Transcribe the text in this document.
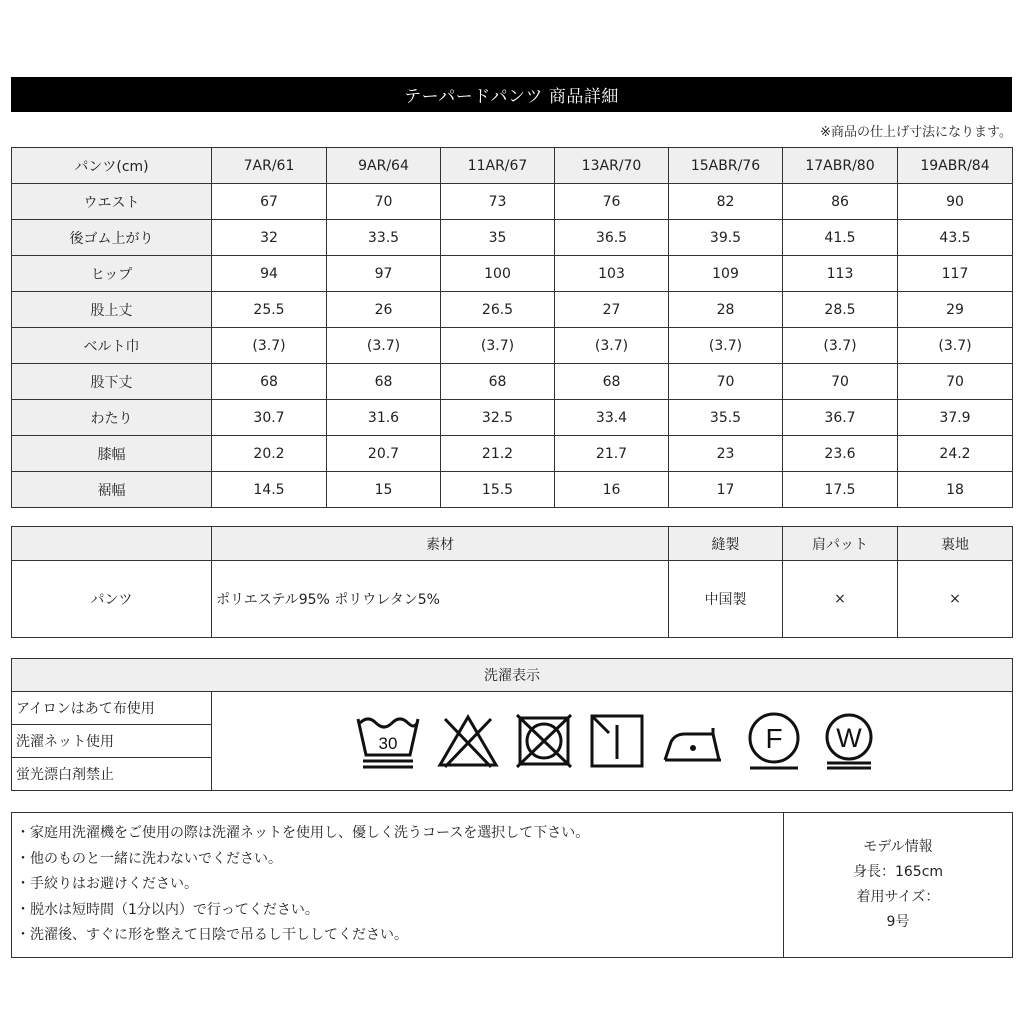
テーパードパンツ 商品詳細
※商品の仕上げ寸法になります。
パンツ(cm)	7AR/61	9AR/64	11AR/67	13AR/70	15ABR/76	17ABR/80	19ABR/84
ウエスト	67	70	73	76	82	86	90
後ゴム上がり	32	33.5	35	36.5	39.5	41.5	43.5
ヒップ	94	97	100	103	109	113	117
股上丈	25.5	26	26.5	27	28	28.5	29
ベルト巾	(3.7)	(3.7)	(3.7)	(3.7)	(3.7)	(3.7)	(3.7)
股下丈	68	68	68	68	70	70	70
わたり	30.7	31.6	32.5	33.4	35.5	36.7	37.9
膝幅	20.2	20.7	21.2	21.7	23	23.6	24.2
裾幅	14.5	15	15.5	16	17	17.5	18
	素材	縫製	肩パット	裏地
パンツ	ポリエステル95% ポリウレタン5%	中国製	×	×
洗濯表示
アイロンはあて布使用	
30	F W

洗濯ネット使用
蛍光漂白剤禁止
・家庭用洗濯機をご使用の際は洗濯ネットを使用し、優しく洗うコースを選択して下さい。
・他のものと一緒に洗わないでください。
・手絞りはお避けください。
・脱水は短時間（1分以内）で行ってください。
・洗濯後、すぐに形を整えて日陰で吊るし干ししてください。

モデル情報
身長：165cm
着用サイズ：
9号
